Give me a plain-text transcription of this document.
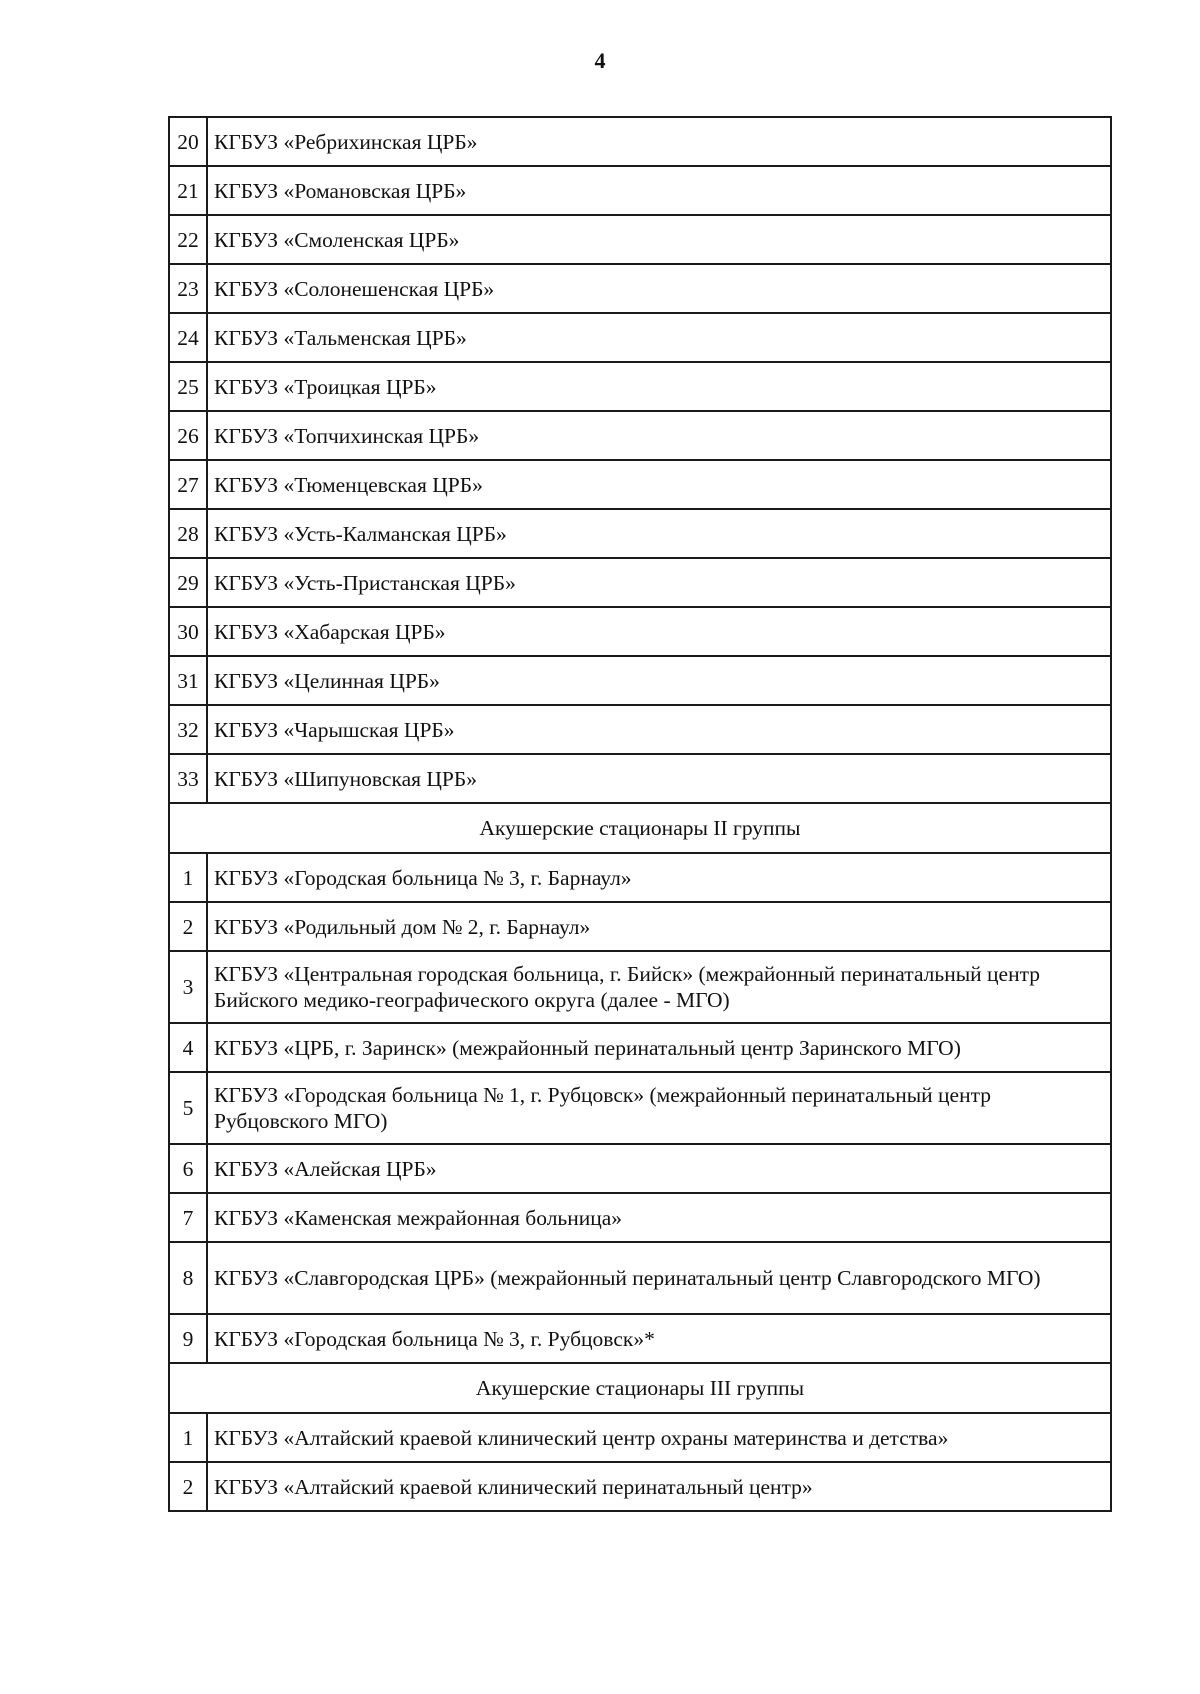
4
20	КГБУЗ «Ребрихинская ЦРБ»
21	КГБУЗ «Романовская ЦРБ»
22	КГБУЗ «Смоленская ЦРБ»
23	КГБУЗ «Солонешенская ЦРБ»
24	КГБУЗ «Тальменская ЦРБ»
25	КГБУЗ «Троицкая ЦРБ»
26	КГБУЗ «Топчихинская ЦРБ»
27	КГБУЗ «Тюменцевская ЦРБ»
28	КГБУЗ «Усть-Калманская ЦРБ»
29	КГБУЗ «Усть-Пристанская ЦРБ»
30	КГБУЗ «Хабарская ЦРБ»
31	КГБУЗ «Целинная ЦРБ»
32	КГБУЗ «Чарышская ЦРБ»
33	КГБУЗ «Шипуновская ЦРБ»
Акушерские стационары II группы	
1	КГБУЗ «Городская больница № 3, г. Барнаул»
2	КГБУЗ «Родильный дом № 2, г. Барнаул»
3	КГБУЗ «Центральная городская больница, г. Бийск» (межрайонный перинатальный центр Бийского медико-географического округа (далее - МГО)
4	КГБУЗ «ЦРБ, г. Заринск» (межрайонный перинатальный центр Заринского МГО)
5	КГБУЗ «Городская больница № 1, г. Рубцовск» (межрайонный перинатальный центр Рубцовского МГО)
6	КГБУЗ «Алейская ЦРБ»
7	КГБУЗ «Каменская межрайонная больница»
8	КГБУЗ «Славгородская ЦРБ» (межрайонный перинатальный центр Славгородского МГО)
9	КГБУЗ «Городская больница № 3, г. Рубцовск»*
Акушерские стационары III группы	
1	КГБУЗ «Алтайский краевой клинический центр охраны материнства и детства»
2	КГБУЗ «Алтайский краевой клинический перинатальный центр»
